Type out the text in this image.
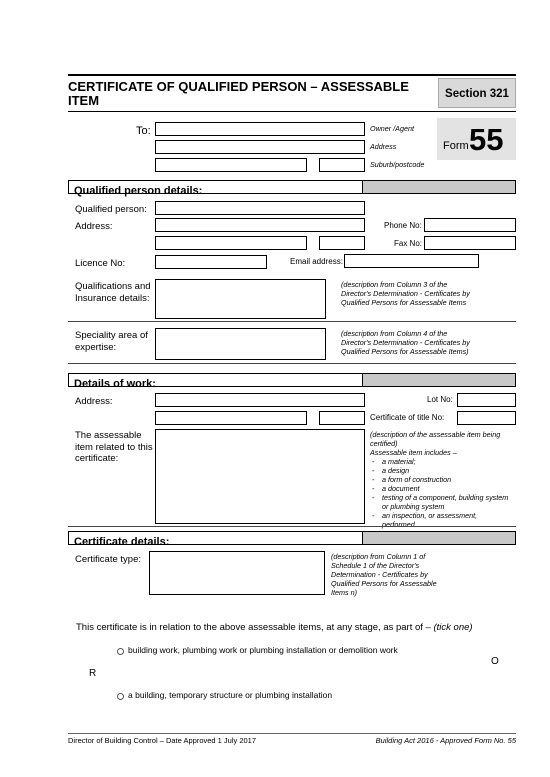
CERTIFICATE OF QUALIFIED PERSON – ASSESSABLE ITEM	Section 321
Form 55
To:	Owner /Agent
Address
Suburb/postcode
Qualified person details:
Qualified person:
Address:	Phone No:
Fax No:
Licence No:	Email address:
Qualifications and Insurance details:
(description from Column 3 of the Director's Determination - Certificates by Qualified Persons for Assessable Items
Speciality area of expertise:
(description from Column 4 of the Director's Determination - Certificates by Qualified Persons for Assessable Items)
Details of work:
Address:	Lot No:
Certificate of title No:
The assessable item related to this certificate:
(description of the assessable item being certified)
Assessable item includes –
- a material;
- a design
- a form of construction
- a document
- testing of a component, building system or plumbing system
- an inspection, or assessment, performed
Certificate details:
Certificate type:	(description from Column 1 of Schedule 1 of the Director's Determination - Certificates by Qualified Persons for Assessable Items n)
This certificate is in relation to the above assessable items, at any stage, as part of – (tick one)
building work, plumbing work or plumbing installation or demolition work
O
R
a building, temporary structure or plumbing installation
Director of Building Control – Date Approved 1 July 2017	Building Act 2016 - Approved Form No. 55
